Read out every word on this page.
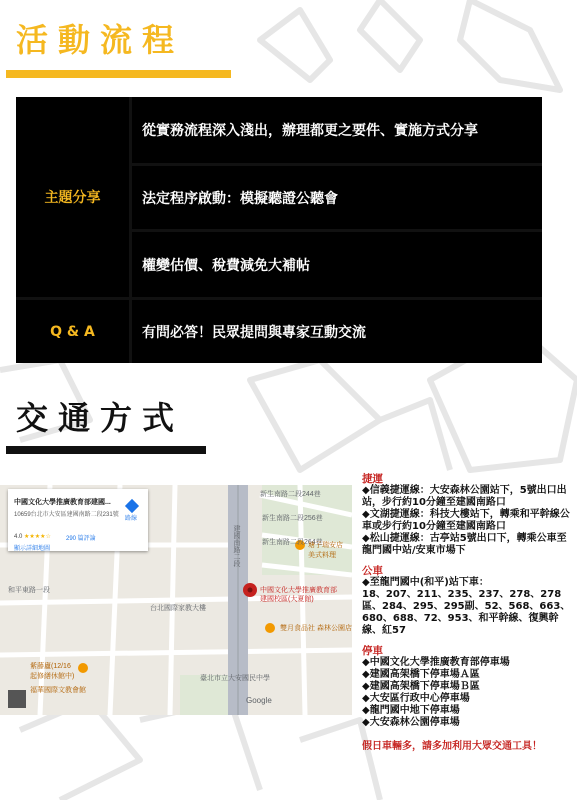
活動流程
主題分享
Q & A
從實務流程深入淺出，辦理都更之要件、實施方式分享
法定程序啟動：模擬聽證公聽會
權變估價、稅費減免大補帖
有問必答！民眾提問與專家互動交流
交通方式
中國文化大學推廣教育部建國...
10659台北市大安區建國南路二段231號
路線
4.0 ★★★★☆	290 篇評論
顯示詳細地圖	建國南路二段
新生南路二段244巷
新生南路二段256巷
新生南路二段264巷
塘子瑞安店 美式料理
台北國際家教大樓
和平東路一段
雙月食品社 森林公園店
紫藤廬(12/16 起修繕休館中)
福華國際文教會館
臺北市立大安國民中學
Google
中國文化大學推廣教育部建國校區(大夏館)
捷運
◆信義捷運線：大安森林公園站下，5號出口出站，步行約10分鐘至建國南路口
◆文湖捷運線：科技大樓站下，轉乘和平幹線公車或步行約10分鐘至建國南路口
◆松山捷運線：古亭站5號出口下，轉乘公車至龍門國中站/安東市場下
公車
◆至龍門國中(和平)站下車：
18、207、211、235、237、278、278區、284、295、295副、52、568、663、680、688、72、953、和平幹線、復興幹線、紅57
停車
◆中國文化大學推廣教育部停車場
◆建國高架橋下停車場Ａ區
◆建國高架橋下停車場Ｂ區
◆大安區行政中心停車場
◆龍門國中地下停車場
◆大安森林公園停車場
假日車輛多，請多加利用大眾交通工具！
